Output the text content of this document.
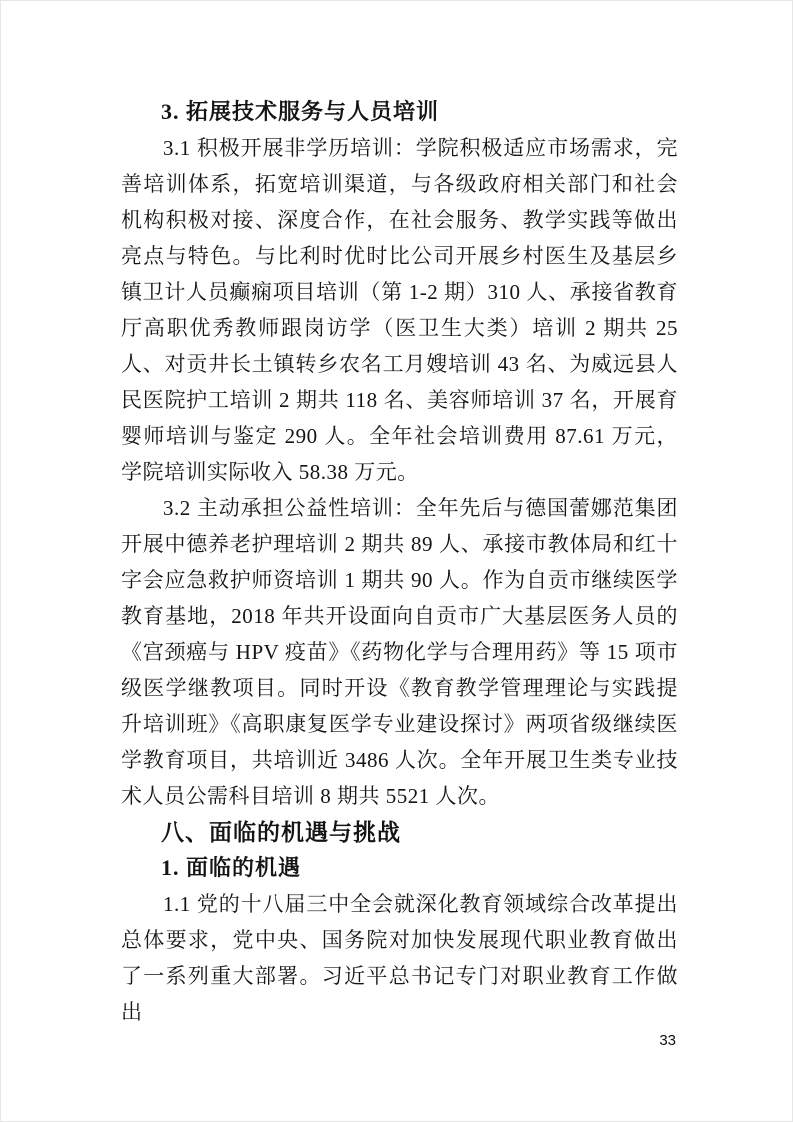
3. 拓展技术服务与人员培训

3.1 积极开展非学历培训：学院积极适应市场需求，完善培训体系，拓宽培训渠道，与各级政府相关部门和社会机构积极对接、深度合作，在社会服务、教学实践等做出亮点与特色。与比利时优时比公司开展乡村医生及基层乡镇卫计人员癫痫项目培训（第 1-2 期）310 人、承接省教育厅高职优秀教师跟岗访学（医卫生大类）培训 2 期共 25 人、对贡井长土镇转乡农名工月嫂培训 43 名、为威远县人民医院护工培训 2 期共 118 名、美容师培训 37 名，开展育婴师培训与鉴定 290 人。全年社会培训费用 87.61 万元，学院培训实际收入 58.38 万元。

3.2 主动承担公益性培训：全年先后与德国蕾娜范集团开展中德养老护理培训 2 期共 89 人、承接市教体局和红十字会应急救护师资培训 1 期共 90 人。作为自贡市继续医学教育基地，2018 年共开设面向自贡市广大基层医务人员的《宫颈癌与 HPV 疫苗》《药物化学与合理用药》等 15 项市级医学继教项目。同时开设《教育教学管理理论与实践提升培训班》《高职康复医学专业建设探讨》两项省级继续医学教育项目，共培训近 3486 人次。全年开展卫生类专业技术人员公需科目培训 8 期共 5521 人次。

八、面临的机遇与挑战
1. 面临的机遇

1.1 党的十八届三中全会就深化教育领域综合改革提出总体要求，党中央、国务院对加快发展现代职业教育做出了一系列重大部署。习近平总书记专门对职业教育工作做出

33
